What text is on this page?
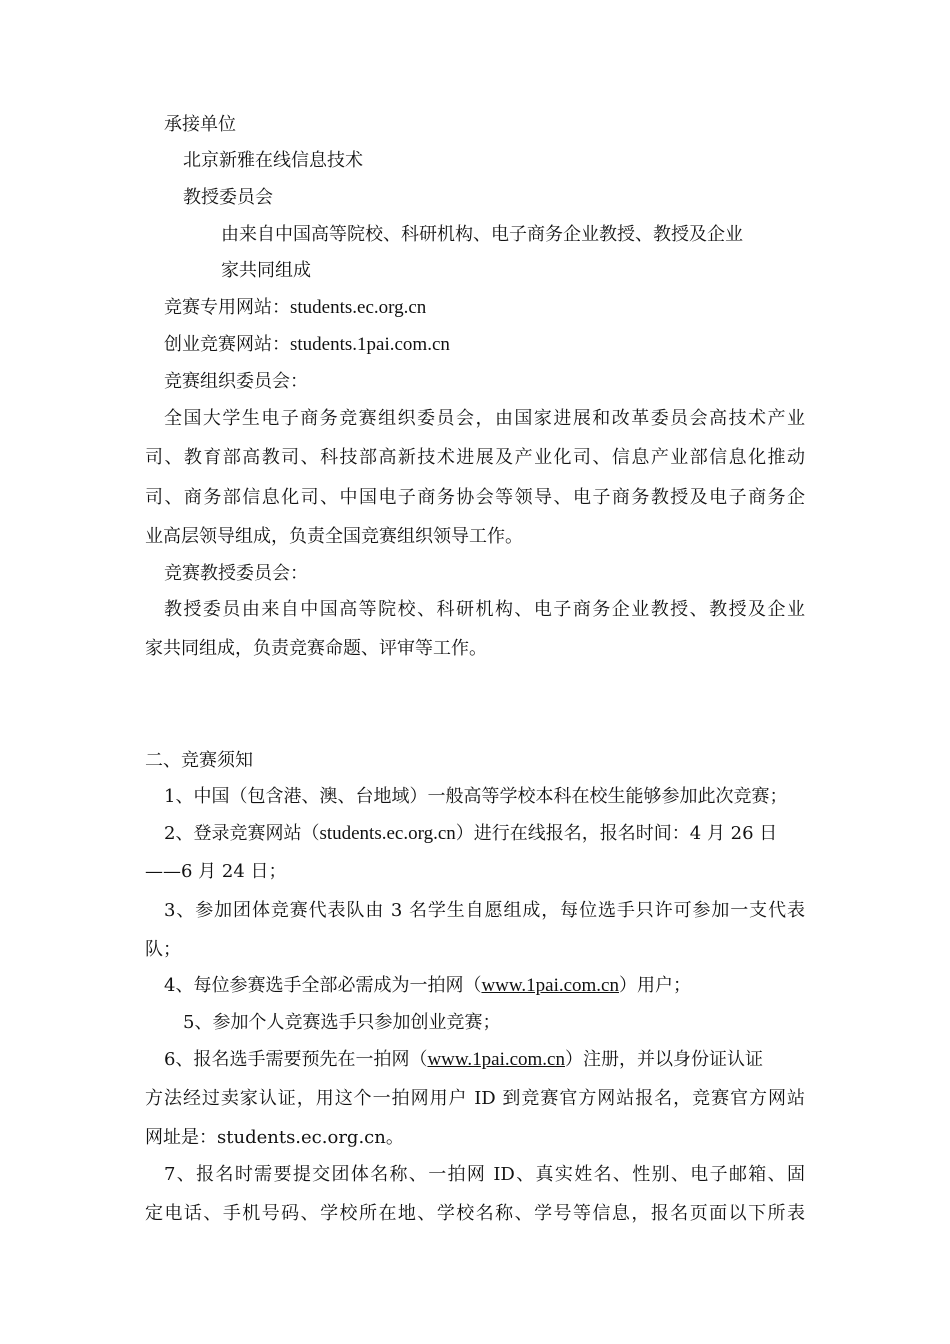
承接单位
北京新雅在线信息技术
教授委员会
由来自中国高等院校、科研机构、电子商务企业教授、教授及企业
家共同组成
竞赛专用网站：students.ec.org.cn
创业竞赛网站：students.1pai.com.cn
竞赛组织委员会：
全国大学生电子商务竞赛组织委员会，由国家进展和改革委员会高技术产业
司、教育部高教司、科技部高新技术进展及产业化司、信息产业部信息化推动
司、商务部信息化司、中国电子商务协会等领导、电子商务教授及电子商务企
业高层领导组成，负责全国竞赛组织领导工作。
竞赛教授委员会：
教授委员由来自中国高等院校、科研机构、电子商务企业教授、教授及企业
家共同组成，负责竞赛命题、评审等工作。
二、竞赛须知
1、中国（包含港、澳、台地域）一般高等学校本科在校生能够参加此次竞赛；
2、登录竞赛网站（students.ec.org.cn）进行在线报名，报名时间：4 月 26 日
——6 月 24 日；
3、参加团体竞赛代表队由 3 名学生自愿组成，每位选手只许可参加一支代表
队；
4、每位参赛选手全部必需成为一拍网（www.1pai.com.cn）用户；
5、参加个人竞赛选手只参加创业竞赛；
6、报名选手需要预先在一拍网（www.1pai.com.cn）注册，并以身份证认证
方法经过卖家认证，用这个一拍网用户 ID 到竞赛官方网站报名，竞赛官方网站
网址是：students.ec.org.cn。
7、报名时需要提交团体名称、一拍网 ID、真实姓名、性别、电子邮箱、固
定电话、手机号码、学校所在地、学校名称、学号等信息，报名页面以下所表
